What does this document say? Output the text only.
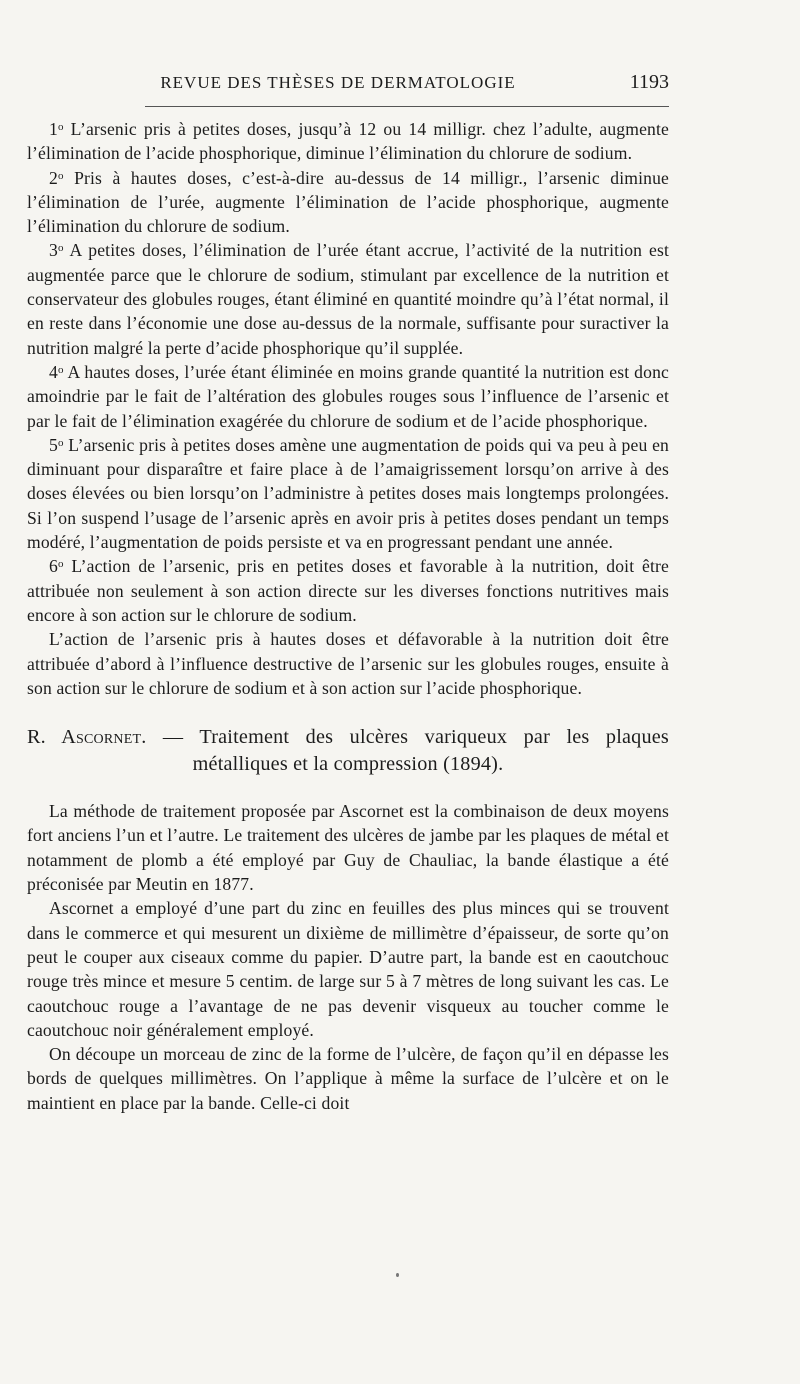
REVUE DES THÈSES DE DERMATOLOGIE	1193

1$^o$ L’arsenic pris à petites doses, jusqu’à 12 ou 14 milligr. chez l’adulte, augmente l’élimination de l’acide phosphorique, diminue l’élimination du chlorure de sodium.

2$^o$ Pris à hautes doses, c’est-à-dire au-dessus de 14 milligr., l’arsenic diminue l’élimination de l’urée, augmente l’élimination de l’acide phosphorique, augmente l’élimination du chlorure de sodium.

3$^o$ A petites doses, l’élimination de l’urée étant accrue, l’activité de la nutrition est augmentée parce que le chlorure de sodium, stimulant par excellence de la nutrition et conservateur des globules rouges, étant éliminé en quantité moindre qu’à l’état normal, il en reste dans l’économie une dose au-dessus de la normale, suffisante pour suractiver la nutrition malgré la perte d’acide phosphorique qu’il supplée.

4$^o$ A hautes doses, l’urée étant éliminée en moins grande quantité la nutrition est donc amoindrie par le fait de l’altération des globules rouges sous l’influence de l’arsenic et par le fait de l’élimination exagérée du chlorure de sodium et de l’acide phosphorique.

5$^o$ L’arsenic pris à petites doses amène une augmentation de poids qui va peu à peu en diminuant pour disparaître et faire place à de l’amaigrissement lorsqu’on arrive à des doses élevées ou bien lorsqu’on l’administre à petites doses mais longtemps prolongées. Si l’on suspend l’usage de l’arsenic après en avoir pris à petites doses pendant un temps modéré, l’augmentation de poids persiste et va en progressant pendant une année.

6$^o$ L’action de l’arsenic, pris en petites doses et favorable à la nutrition, doit être attribuée non seulement à son action directe sur les diverses fonctions nutritives mais encore à son action sur le chlorure de sodium.

L’action de l’arsenic pris à hautes doses et défavorable à la nutrition doit être attribuée d’abord à l’influence destructive de l’arsenic sur les globules rouges, ensuite à son action sur le chlorure de sodium et à son action sur l’acide phosphorique.

R. Ascornet. — Traitement des ulcères variqueux par les plaques
métalliques et la compression (1894).

La méthode de traitement proposée par Ascornet est la combinaison de deux moyens fort anciens l’un et l’autre. Le traitement des ulcères de jambe par les plaques de métal et notamment de plomb a été employé par Guy de Chauliac, la bande élastique a été préconisée par Meutin en 1877.

Ascornet a employé d’une part du zinc en feuilles des plus minces qui se trouvent dans le commerce et qui mesurent un dixième de millimètre d’épaisseur, de sorte qu’on peut le couper aux ciseaux comme du papier. D’autre part, la bande est en caoutchouc rouge très mince et mesure 5 centim. de large sur 5 à 7 mètres de long suivant les cas. Le caoutchouc rouge a l’avantage de ne pas devenir visqueux au toucher comme le caoutchouc noir généralement employé.

On découpe un morceau de zinc de la forme de l’ulcère, de façon qu’il en dépasse les bords de quelques millimètres. On l’applique à même la surface de l’ulcère et on le maintient en place par la bande. Celle-ci doit
